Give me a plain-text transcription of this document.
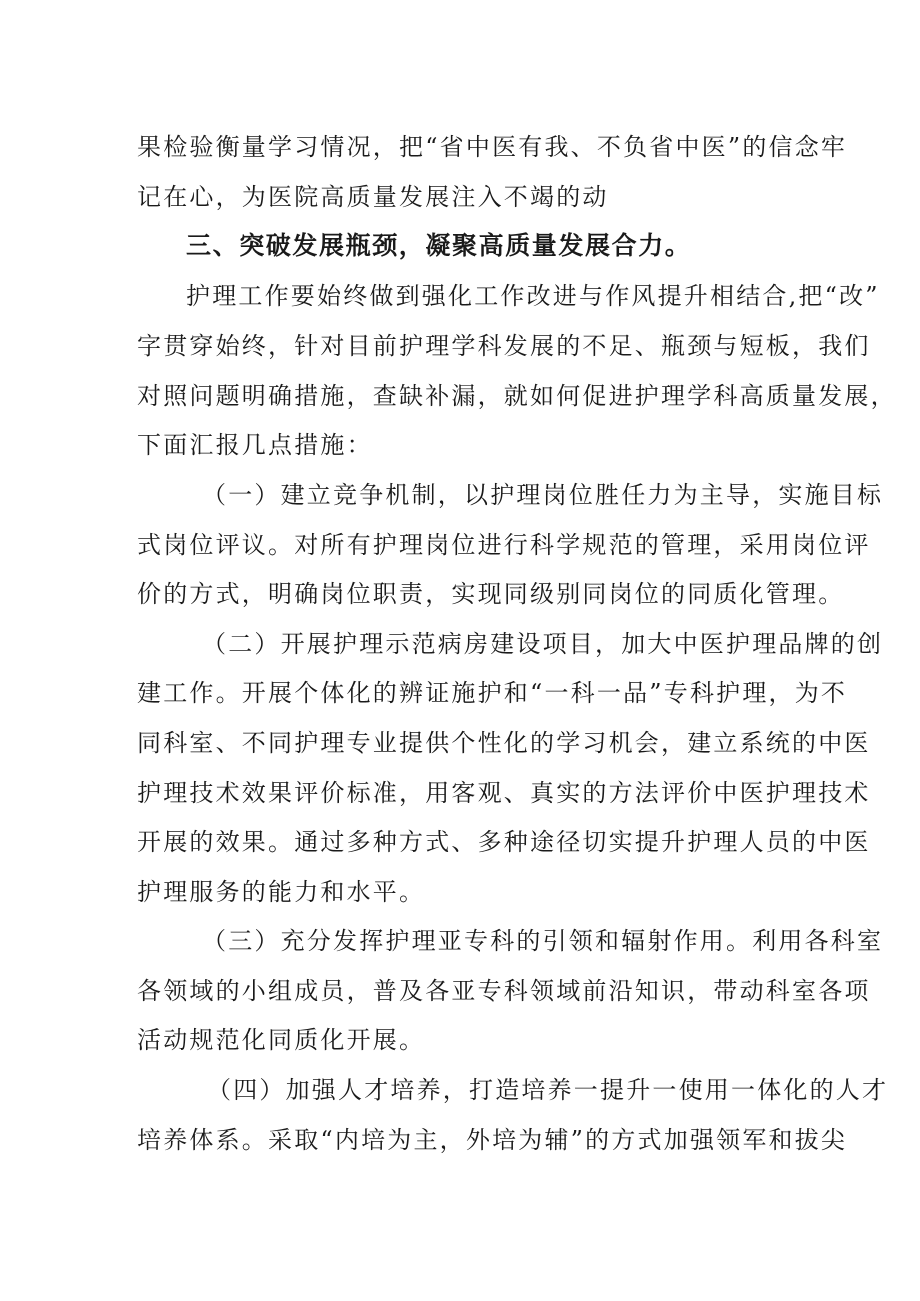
果检验衡量学习情况，把“省中医有我、不负省中医”的信念牢
记在心，为医院高质量发展注入不竭的动
三、突破发展瓶颈，凝聚高质量发展合力。
护理工作要始终做到强化工作改进与作风提升相结合,把“改”
字贯穿始终，针对目前护理学科发展的不足、瓶颈与短板，我们
对照问题明确措施，查缺补漏，就如何促进护理学科高质量发展，
下面汇报几点措施：
（一）建立竞争机制，以护理岗位胜任力为主导，实施目标
式岗位评议。对所有护理岗位进行科学规范的管理，采用岗位评
价的方式，明确岗位职责，实现同级别同岗位的同质化管理。
（二）开展护理示范病房建设项目，加大中医护理品牌的创
建工作。开展个体化的辨证施护和“一科一品”专科护理，为不
同科室、不同护理专业提供个性化的学习机会，建立系统的中医
护理技术效果评价标准，用客观、真实的方法评价中医护理技术
开展的效果。通过多种方式、多种途径切实提升护理人员的中医
护理服务的能力和水平。
（三）充分发挥护理亚专科的引领和辐射作用。利用各科室
各领域的小组成员，普及各亚专科领域前沿知识，带动科室各项
活动规范化同质化开展。
（四）加强人才培养，打造培养一提升一使用一体化的人才
培养体系。采取“内培为主，外培为辅”的方式加强领军和拔尖
